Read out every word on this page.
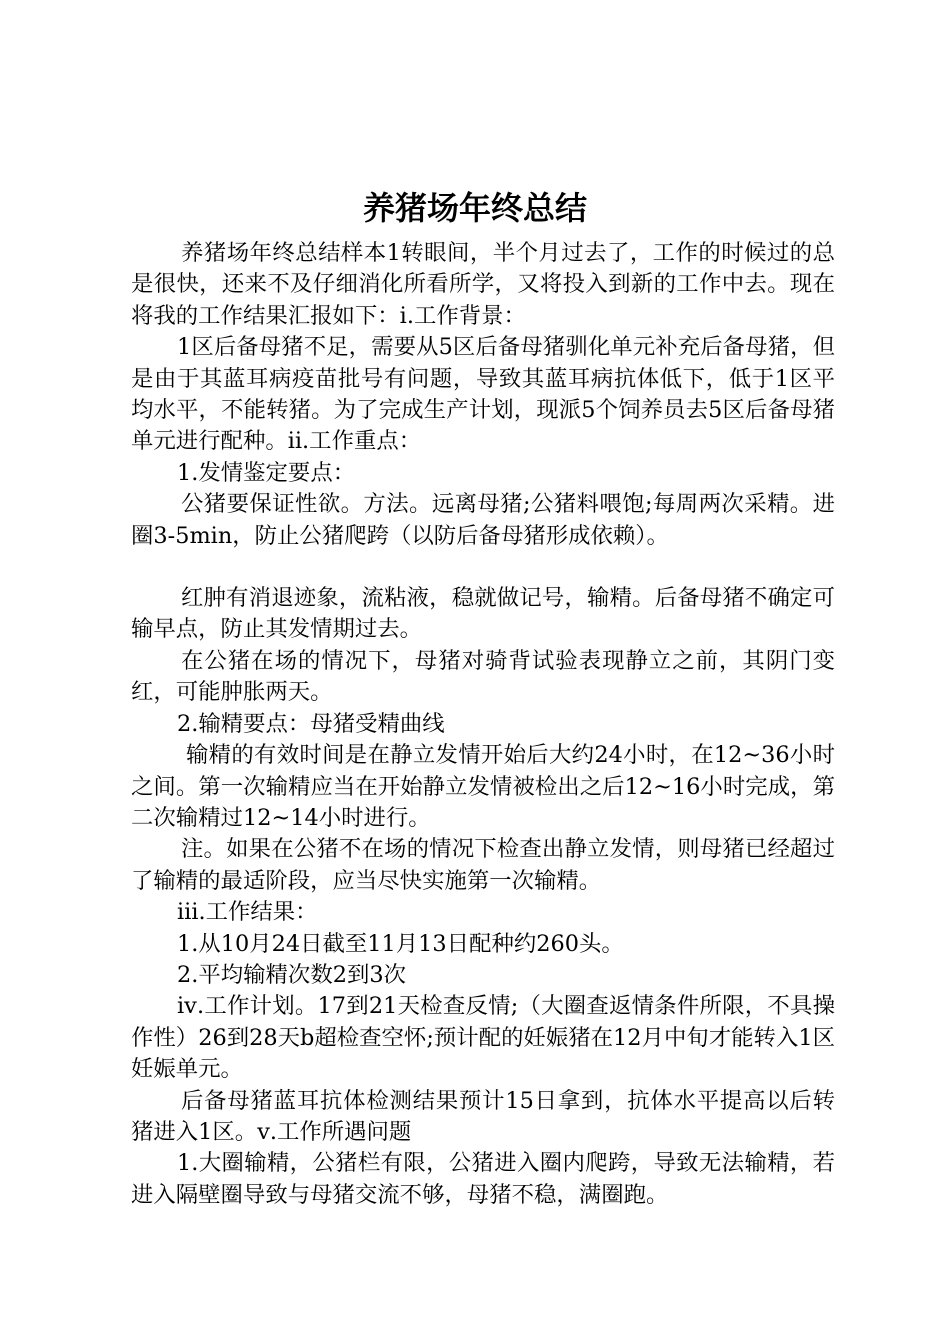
养猪场年终总结

养猪场年终总结样本1转眼间，半个月过去了，工作的时候过的总是很快，还来不及仔细消化所看所学，又将投入到新的工作中去。现在将我的工作结果汇报如下：ⅰ.工作背景：

1区后备母猪不足，需要从5区后备母猪驯化单元补充后备母猪，但是由于其蓝耳病疫苗批号有问题，导致其蓝耳病抗体低下，低于1区平均水平，不能转猪。为了完成生产计划，现派5个饲养员去5区后备母猪单元进行配种。ⅱ.工作重点：

1.发情鉴定要点：

公猪要保证性欲。方法。远离母猪;公猪料喂饱;每周两次采精。进圈3-5min，防止公猪爬跨（以防后备母猪形成依赖）。

红肿有消退迹象，流粘液，稳就做记号，输精。后备母猪不确定可输早点，防止其发情期过去。

在公猪在场的情况下，母猪对骑背试验表现静立之前，其阴门变红，可能肿胀两天。

2.输精要点：母猪受精曲线

输精的有效时间是在静立发情开始后大约24小时，在12~36小时之间。第一次输精应当在开始静立发情被检出之后12~16小时完成，第二次输精过12~14小时进行。

注。如果在公猪不在场的情况下检查出静立发情，则母猪已经超过了输精的最适阶段，应当尽快实施第一次输精。

ⅲ.工作结果：

1.从10月24日截至11月13日配种约260头。

2.平均输精次数2到3次

ⅳ.工作计划。17到21天检查反情;（大圈查返情条件所限，不具操作性）26到28天b超检查空怀;预计配的妊娠猪在12月中旬才能转入1区妊娠单元。

后备母猪蓝耳抗体检测结果预计15日拿到，抗体水平提高以后转猪进入1区。ⅴ.工作所遇问题

1.大圈输精，公猪栏有限，公猪进入圈内爬跨，导致无法输精，若进入隔壁圈导致与母猪交流不够，母猪不稳，满圈跑。
